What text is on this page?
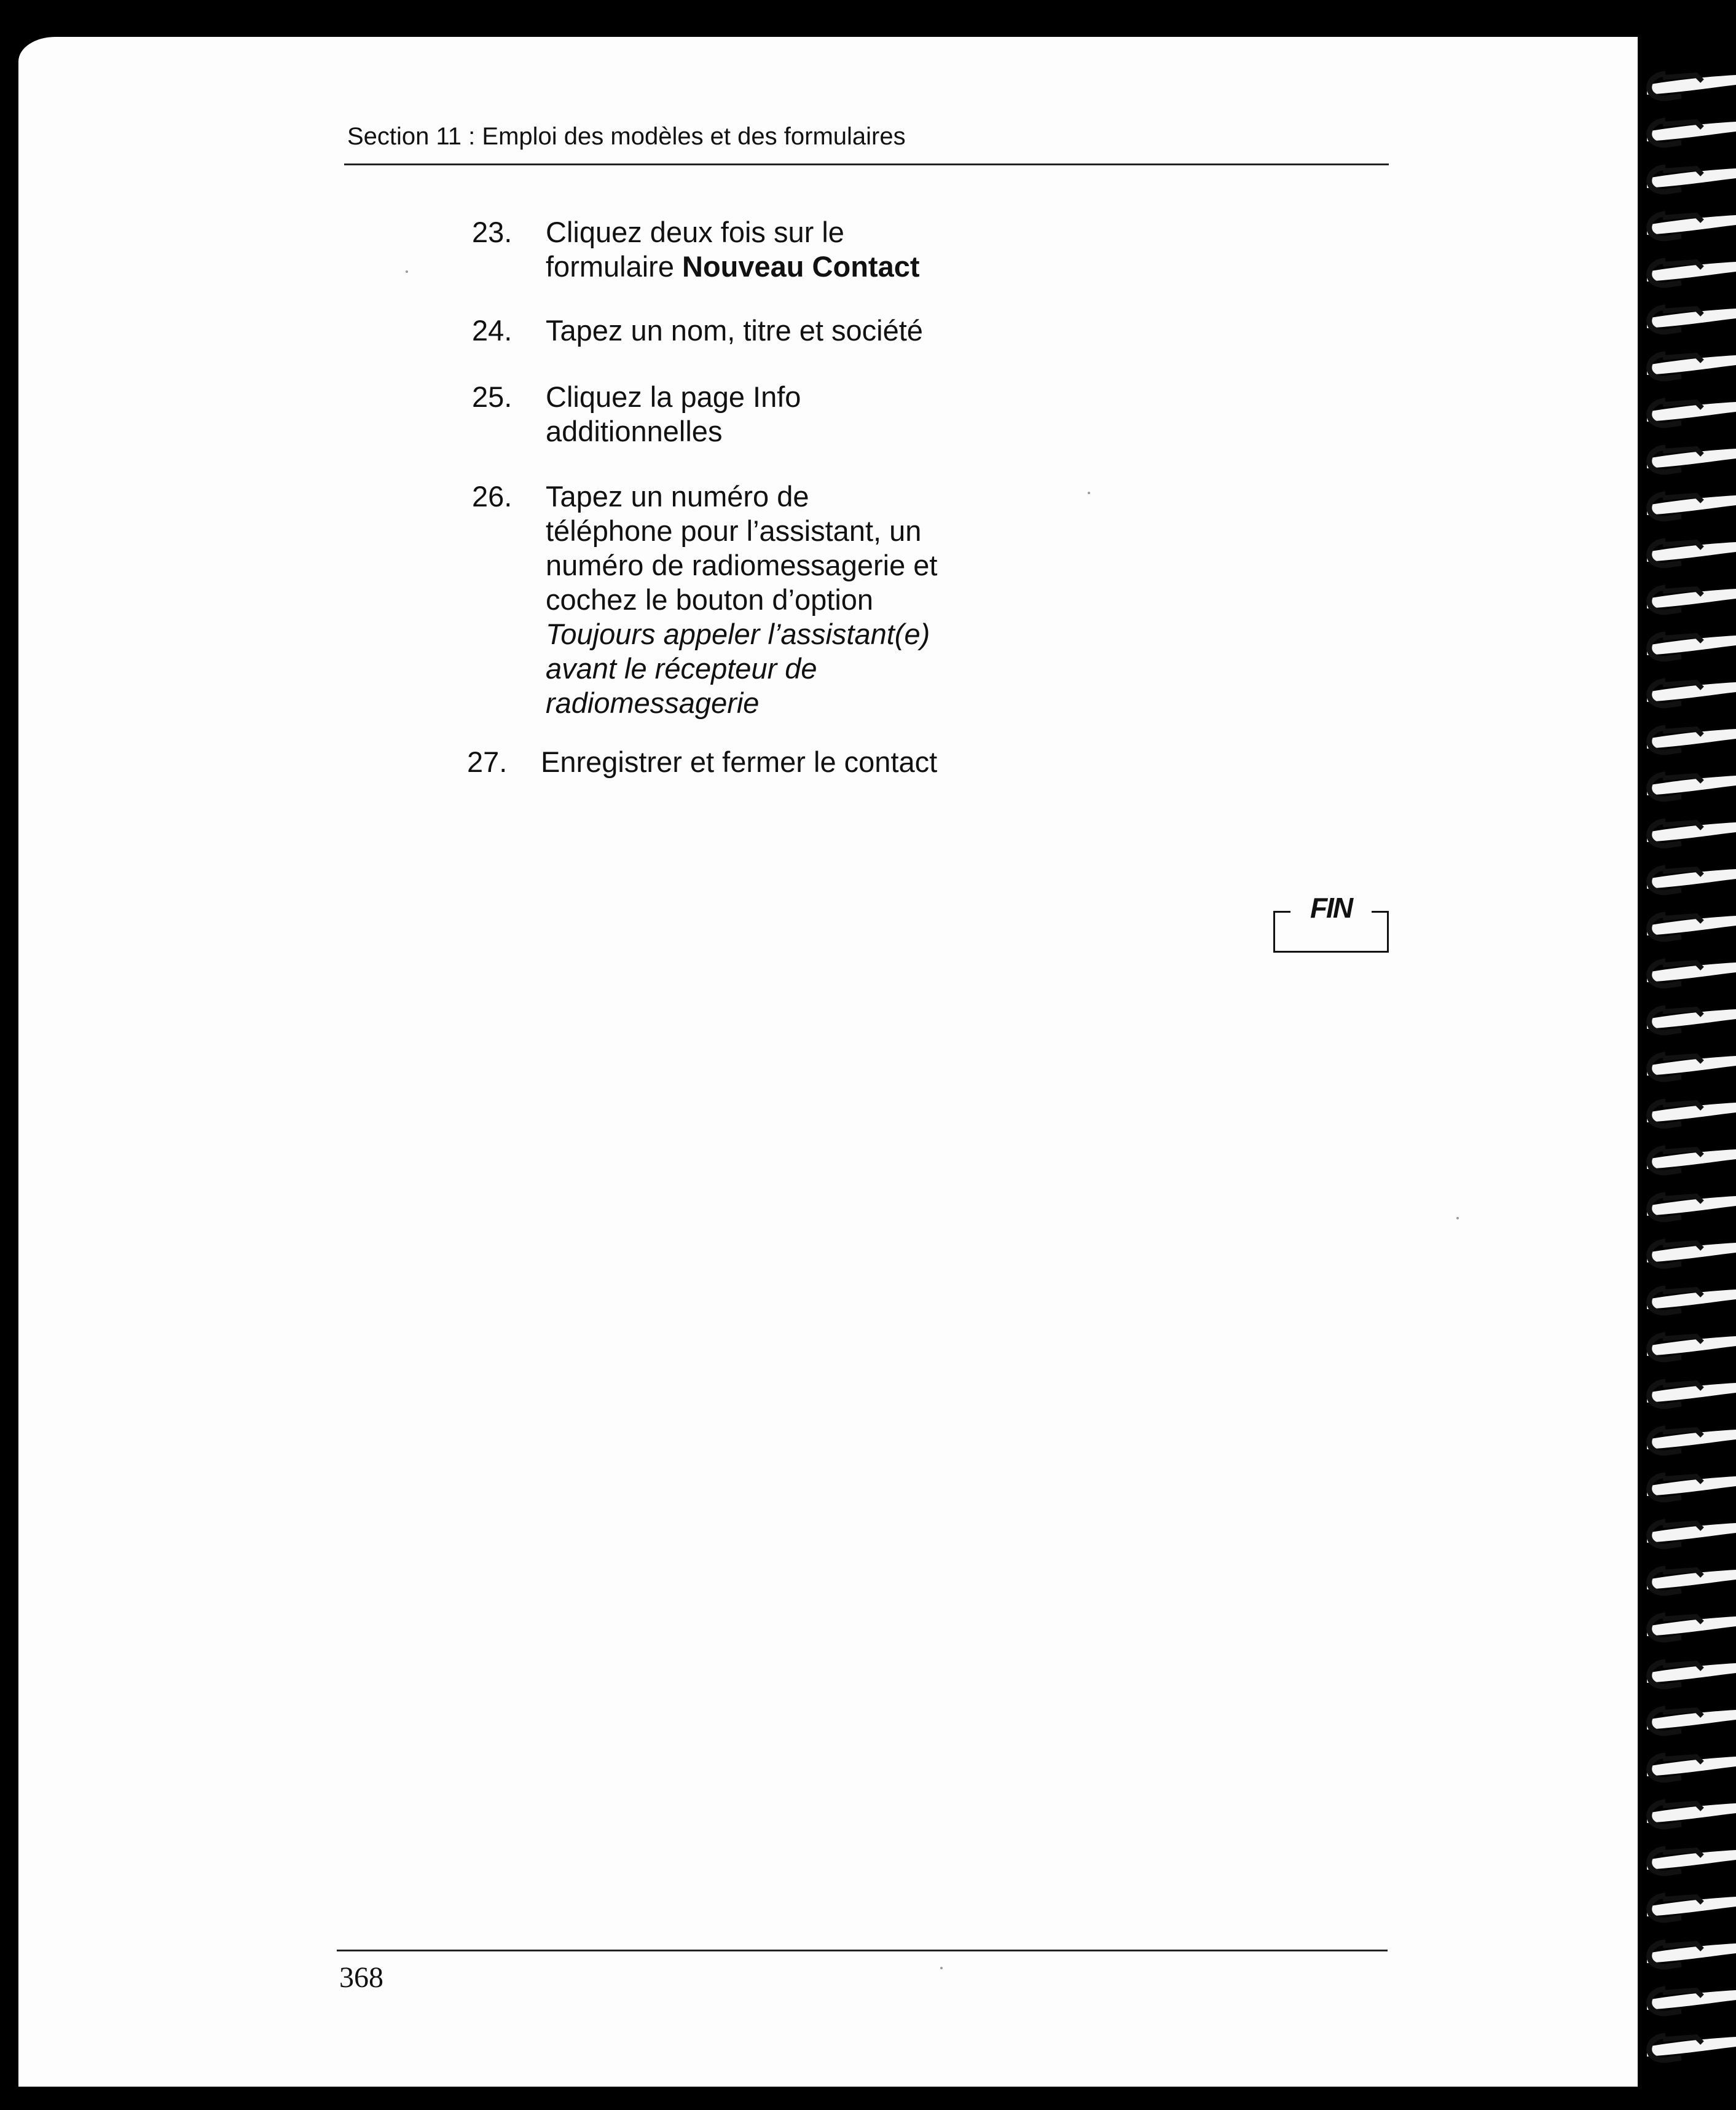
Section 11 : Emploi des modèles et des formulaires
23.	Cliquez deux fois sur le
formulaire Nouveau Contact
24.	Tapez un nom, titre et société
25.	Cliquez la page Info
additionnelles
26.	Tapez un numéro de
téléphone pour l’assistant, un
numéro de radiomessagerie et
cochez le bouton d’option
Toujours appeler l’assistant(e)
avant le récepteur de
radiomessagerie
27.	Enregistrer et fermer le contact
FIN
368
